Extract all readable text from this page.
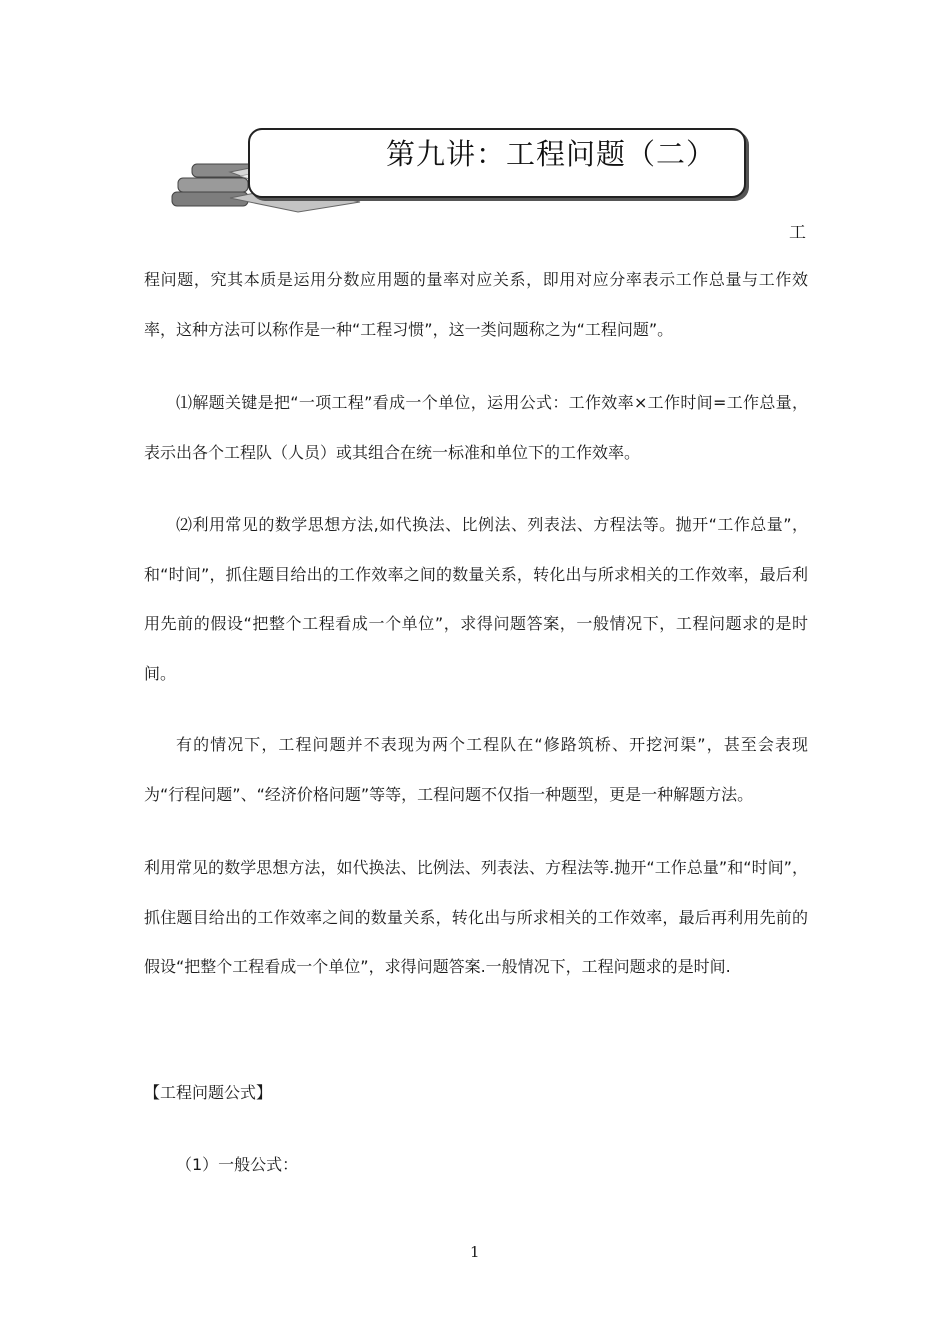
第九讲：工程问题（二）
工

程问题，究其本质是运用分数应用题的量率对应关系，即用对应分率表示工作总量与工作效率，这种方法可以称作是一种“工程习惯”，这一类问题称之为“工程问题”。

⑴解题关键是把“一项工程”看成一个单位，运用公式：工作效率×工作时间=工作总量，表示出各个工程队（人员）或其组合在统一标准和单位下的工作效率。

⑵利用常见的数学思想方法,如代换法、比例法、列表法、方程法等。抛开“工作总量”，和“时间”，抓住题目给出的工作效率之间的数量关系，转化出与所求相关的工作效率，最后利用先前的假设“把整个工程看成一个单位”，求得问题答案，一般情况下，工程问题求的是时间。

有的情况下，工程问题并不表现为两个工程队在“修路筑桥、开挖河渠”，甚至会表现为“行程问题”、“经济价格问题”等等，工程问题不仅指一种题型，更是一种解题方法。

利用常见的数学思想方法，如代换法、比例法、列表法、方程法等.抛开“工作总量”和“时间”，抓住题目给出的工作效率之间的数量关系，转化出与所求相关的工作效率，最后再利用先前的假设“把整个工程看成一个单位”，求得问题答案.一般情况下，工程问题求的是时间.

【工程问题公式】
（1）一般公式：
1
